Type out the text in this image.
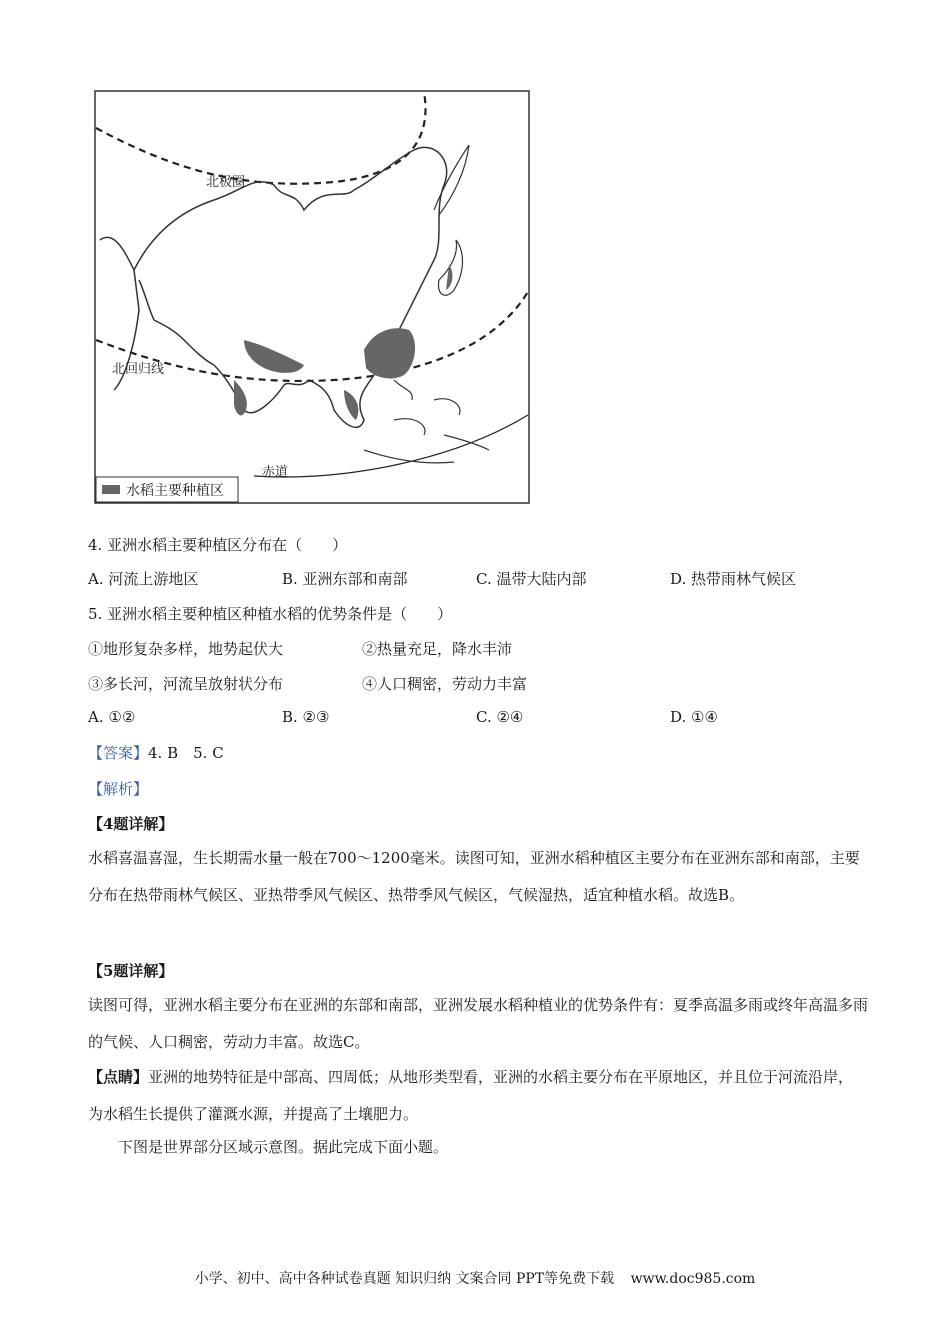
北极圈
北回归线
赤道
水稻主要种植区
4. 亚洲水稻主要种植区分布在（　　）
A. 河流上游地区	B. 亚洲东部和南部	C. 温带大陆内部	D. 热带雨林气候区
5. 亚洲水稻主要种植区种植水稻的优势条件是（　　）
①地形复杂多样，地势起伏大	②热量充足，降水丰沛
③多长河，河流呈放射状分布	④人口稠密，劳动力丰富
A. ①②	B. ②③	C. ②④	D. ①④
【答案】4. B　5. C
【解析】
【4题详解】
水稻喜温喜湿，生长期需水量一般在700～1200毫米。读图可知，亚洲水稻种植区主要分布在亚洲东部和南部，主要分布在热带雨林气候区、亚热带季风气候区、热带季风气候区，气候湿热，适宜种植水稻。故选B。
【5题详解】
读图可得，亚洲水稻主要分布在亚洲的东部和南部，亚洲发展水稻种植业的优势条件有：夏季高温多雨或终年高温多雨的气候、人口稠密，劳动力丰富。故选C。
【点睛】亚洲的地势特征是中部高、四周低；从地形类型看，亚洲的水稻主要分布在平原地区，并且位于河流沿岸，为水稻生长提供了灌溉水源，并提高了土壤肥力。
下图是世界部分区域示意图。据此完成下面小题。
小学、初中、高中各种试卷真题 知识归纳 文案合同 PPT等免费下载 www.doc985.com
